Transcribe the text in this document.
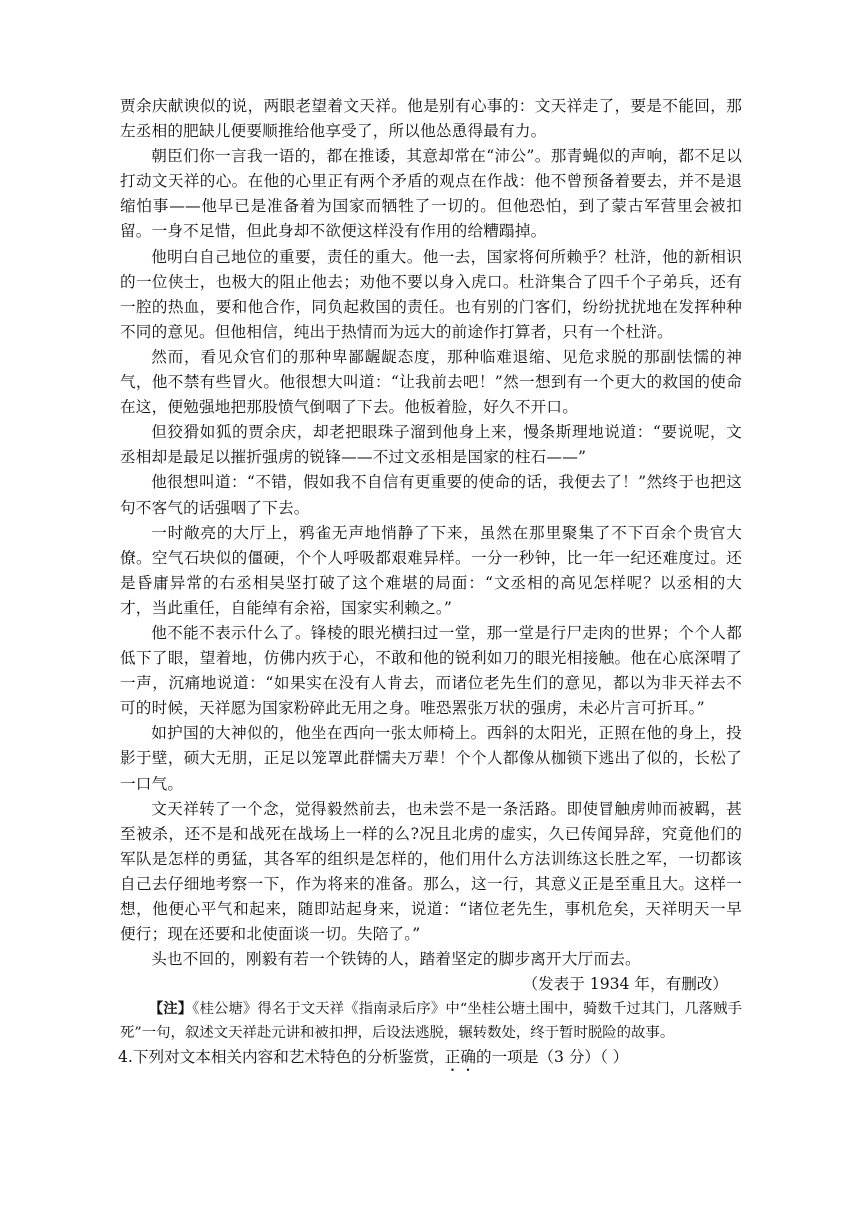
贾余庆献谀似的说，两眼老望着文天祥。他是别有心事的：文天祥走了，要是不能回，那左丞相的肥缺儿便要顺推给他享受了，所以他怂恿得最有力。

朝臣们你一言我一语的，都在推诿，其意却常在“沛公”。那青蝇似的声响，都不足以打动文天祥的心。在他的心里正有两个矛盾的观点在作战：他不曾预备着要去，并不是退缩怕事——他早已是准备着为国家而牺牲了一切的。但他恐怕，到了蒙古军营里会被扣留。一身不足惜，但此身却不欲便这样没有作用的给糟蹋掉。

他明白自己地位的重要，责任的重大。他一去，国家将何所赖乎？杜浒，他的新相识的一位侠士，也极大的阻止他去；劝他不要以身入虎口。杜浒集合了四千个子弟兵，还有一腔的热血，要和他合作，同负起救国的责任。也有别的门客们，纷纷扰扰地在发挥种种不同的意见。但他相信，纯出于热情而为远大的前途作打算者，只有一个杜浒。

然而，看见众官们的那种卑鄙龌龊态度，那种临难退缩、见危求脱的那副怯懦的神气，他不禁有些冒火。他很想大叫道：“让我前去吧！”然一想到有一个更大的救国的使命在这，便勉强地把那股愤气倒咽了下去。他板着脸，好久不开口。

但狡猾如狐的贾余庆，却老把眼珠子溜到他身上来，慢条斯理地说道：“要说呢，文丞相却是最足以摧折强虏的锐锋——不过文丞相是国家的柱石——”

他很想叫道：“不错，假如我不自信有更重要的使命的话，我便去了！”然终于也把这句不客气的话强咽了下去。

一时敞亮的大厅上，鸦雀无声地悄静了下来，虽然在那里聚集了不下百余个贵官大僚。空气石块似的僵硬，个个人呼吸都艰难异样。一分一秒钟，比一年一纪还难度过。还是昏庸异常的右丞相吴坚打破了这个难堪的局面：“文丞相的高见怎样呢？以丞相的大才，当此重任，自能绰有余裕，国家实利赖之。”

他不能不表示什么了。锋棱的眼光横扫过一堂，那一堂是行尸走肉的世界；个个人都低下了眼，望着地，仿佛内疚于心，不敢和他的锐利如刀的眼光相接触。他在心底深喟了一声，沉痛地说道：“如果实在没有人肯去，而诸位老先生们的意见，都以为非天祥去不可的时候，天祥愿为国家粉碎此无用之身。唯恐罴张万状的强虏，未必片言可折耳。”

如护国的大神似的，他坐在西向一张太师椅上。西斜的太阳光，正照在他的身上，投影于壁，硕大无朋，正足以笼罩此群懦夫万辈！个个人都像从枷锁下逃出了似的，长松了一口气。

文天祥转了一个念，觉得毅然前去，也未尝不是一条活路。即使冒触虏帅而被羁，甚至被杀，还不是和战死在战场上一样的么?况且北虏的虚实，久已传闻异辞，究竟他们的军队是怎样的勇猛，其各军的组织是怎样的，他们用什么方法训练这长胜之军，一切都该自己去仔细地考察一下，作为将来的准备。那么，这一行，其意义正是至重且大。这样一想，他便心平气和起来，随即站起身来，说道：“诸位老先生，事机危矣，天祥明天一早便行；现在还要和北使面谈一切。失陪了。”

头也不回的，刚毅有若一个铁铸的人，踏着坚定的脚步离开大厅而去。

（发表于 1934 年，有删改）

【注】《桂公塘》得名于文天祥《指南录后序》中“坐桂公塘土围中，骑数千过其门，几落贼手死”一句，叙述文天祥赴元讲和被扣押，后设法逃脱，辗转数处，终于暂时脱险的故事。

4.下列对文本相关内容和艺术特色的分析鉴赏，正确的一项是（3 分）（ ）
